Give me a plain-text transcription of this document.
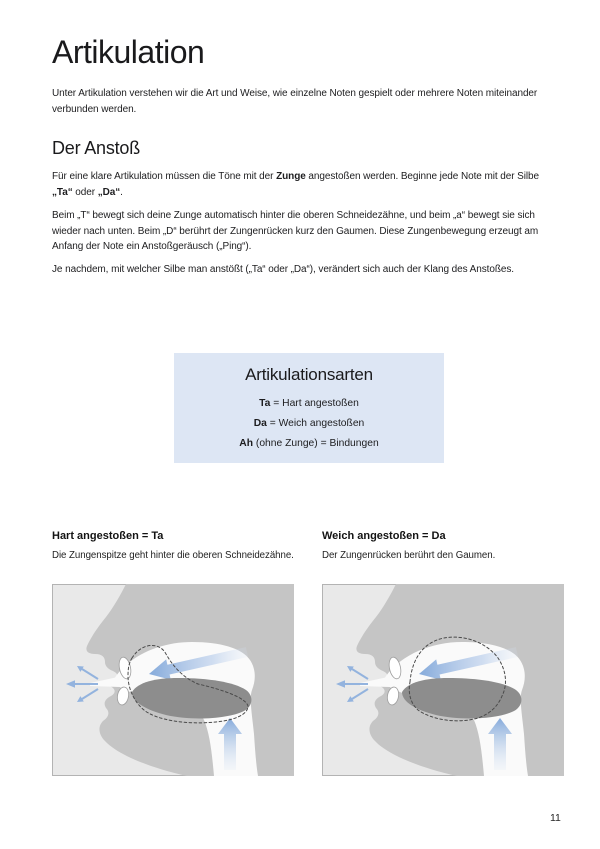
Artikulation
Unter Artikulation verstehen wir die Art und Weise, wie einzelne Noten gespielt oder mehrere Noten miteinander
verbunden werden.
Der Anstoß
Für eine klare Artikulation müssen die Töne mit der Zunge angestoßen werden. Beginne jede Note mit der Silbe
„Ta“ oder „Da“.
Beim „T“ bewegt sich deine Zunge automatisch hinter die oberen Schneidezähne, und beim „a“ bewegt sie sich
wieder nach unten. Beim „D“ berührt der Zungenrücken kurz den Gaumen. Diese Zungenbewegung erzeugt am
Anfang der Note ein Anstoßgeräusch („Ping“).
Je nachdem, mit welcher Silbe man anstößt („Ta“ oder „Da“), verändert sich auch der Klang des Anstoßes.
Artikulationsarten
Ta = Hart angestoßen
Da = Weich angestoßen
Ah (ohne Zunge) = Bindungen
Hart angestoßen = Ta
Die Zungenspitze geht hinter die oberen Schneidezähne.
Weich angestoßen = Da
Der Zungenrücken berührt den Gaumen.
11
